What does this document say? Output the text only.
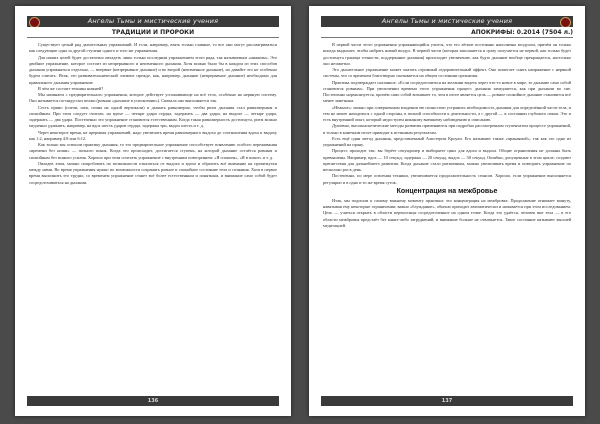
Ангелы Тьмы и мистические учения
ТРАДИЦИИ И ПРОРОКИ

Существует целый ряд дыхательных упражнений. И если, например, взять только главные, то все они могут рассматриваться как следующие одна за другой ступени одного и того же упражнения.

Для наших целей будет достаточно овладеть лишь только последним упражнением этого ряда, так называемым «нижним». Это двойное упражнение, которое состоит из непрерывного и неизменного дыхания. Хотя можно было бы в каждом из этих способов дыхания упражняться отдельно, — впервые (непрерывное дыхание) и во второй (неизменное дыхание), но давайте это не особенно будем считать. Итак, это развивательнический элемент прежде, как, например, дыхание (непрерывное дыхание) необходимо для правильного дыхания упражнение.

В чём же состоит техника нижней?

Мы начинаем с предварительного упражнения, которое действует успокаивающе на всё тело, особенно на нервную систему. Оно называется по-индусски пелаш (ровная «дыхание в успокоении»). Сначала оно выполняется так.

Сесть прямо (плечи, шея, спина на одной вертикали) и дышать равномерно, чтобы ритм дыхания стал равномерным и спокойным. При этом следует считать: на вдохе — четыре удара сердца, задержать — два удара, на выдохе — четыре удара, задержать — два удара. Постепенно это упражнение становится естественным. Когда такая равномерность достигнута, ритм можно медленно удлинять, например, на вдох шесть ударов сердца, задержка три, выдох шесть и т. д.

Через некоторое время, не прерывая упражнений, надо увеличить время равномерного выдоха до соотношения вдоха к выдоху как 1:2, например 4:8 или 6:12.

Как только мы освоили практику дыхания, то это предварительное упражнение способствует появлению особого переживания «времени без ноши» — полного покоя. Когда это происходит, достигается ступень, на которой дыхание остаётся ровным и спокойным без всякого усилия. Хорошо при этом сочетать упражнение с внутренним повторением: «Я спокоен», «Я в покое» и т. д.

Овладев этим, можно попробовать по возможности отказаться от выдоха и вдоха и обратить всё внимание на промежутки между ними. Во время упражнения нужно по возможности сохранять ровное и спокойное состояние тела и сознания. Хотя в первое время выполнить это трудно, со временем упражнение станет всё более естественным и понятным, и внимание само собой будет сосредоточиваться на дыхании.

136
Ангелы Тьмы и мистические учения
АПОКРИФЫ: 0.2014 (7504 л.)

В первой части этого упражнения упражняющийся учится, что его лёгкие постоянно наполнены воздухом, причём он только иногда выдыхает, чтобы набрать новый воздух. В первой части (которая заполняется и сразу получается не первой, как только будет достигнута граница точности, поддержание дыхания) происходит увеличение, как будто дыхание вообще прекращается, настолько оно незаметно.

Это дыхательное упражнение может оказать огромный оздоровительный эффект. Оно помогает снять напряжение с нервной системы, что со временем благотворно сказывается на общем состоянии организма.

Практика подтверждает сказанное. «Если сосредоточиться на желании видеть через что-то новое в мире, то дыхание само собой становится ровным». При увеличении времени этого упражнения процесс дыхания замедляется, как при дыхании во сне. Постепенно нормализуется, причём само собой возникает то, чем в итоге является цель — ровное спокойное дыхание становится всё менее заметным.

«Нежное»: можно при совершенном владении ею полностью устранить необходимость дыхания для определённой части тела, и тем не менее находиться с одной стороны, в полной способности к деятельности, а с другой — в состоянии глубокого покоя. Это и есть внутренний опыт, который недоступен никакому внешнему наблюдению и описанию.

Душевно, высокоаскетические методы развития применяются при подробно рассмотренном ступенчатом процессе упражнений, и только в конечном итоге приводят к истинным результатам.

Есть ещё один метод дыхания, представленный Алистером Кроули. Его называют также «пранаямой», так как это одно из упражнений на прану.

Процесс проходит так: вы берёте секундомер и выбираете цикл для вдоха и выдоха. Общие ограничения не должны быть превышены. Например, вдох — 10 секунд, задержка — 20 секунд, выдох — 30 секунд. Ошибки, допущенные в этом цикле, создают препятствия для дальнейшего развития. Когда дыхание стало ритмичным, можно увеличивать время и повторять упражнение по несколько раз в день.

Постепенно, по мере освоения техники, увеличивается продолжительность сеансов. Хорошо, если упражнение выполняется регулярно и в одно и то же время суток.

Концентрация на межбровье

Итак, мы подошли к самому важному моменту практики: это концентрация на межбровье. Продолжение отнимает минуту, навязывая ему некоторые ограничения: важно «блуждание», обычно приходит автоматически и называется при этом исследованием. Цель — учиться открыть в области переносицы сосредоточенное на одном точке. Когда это удаётся, человек вне тела — в его области межбровья предстаёт без каких-либо затруднений, и внимание больше не отвлекается. Такое состояние называют высшей медитацией.

137
